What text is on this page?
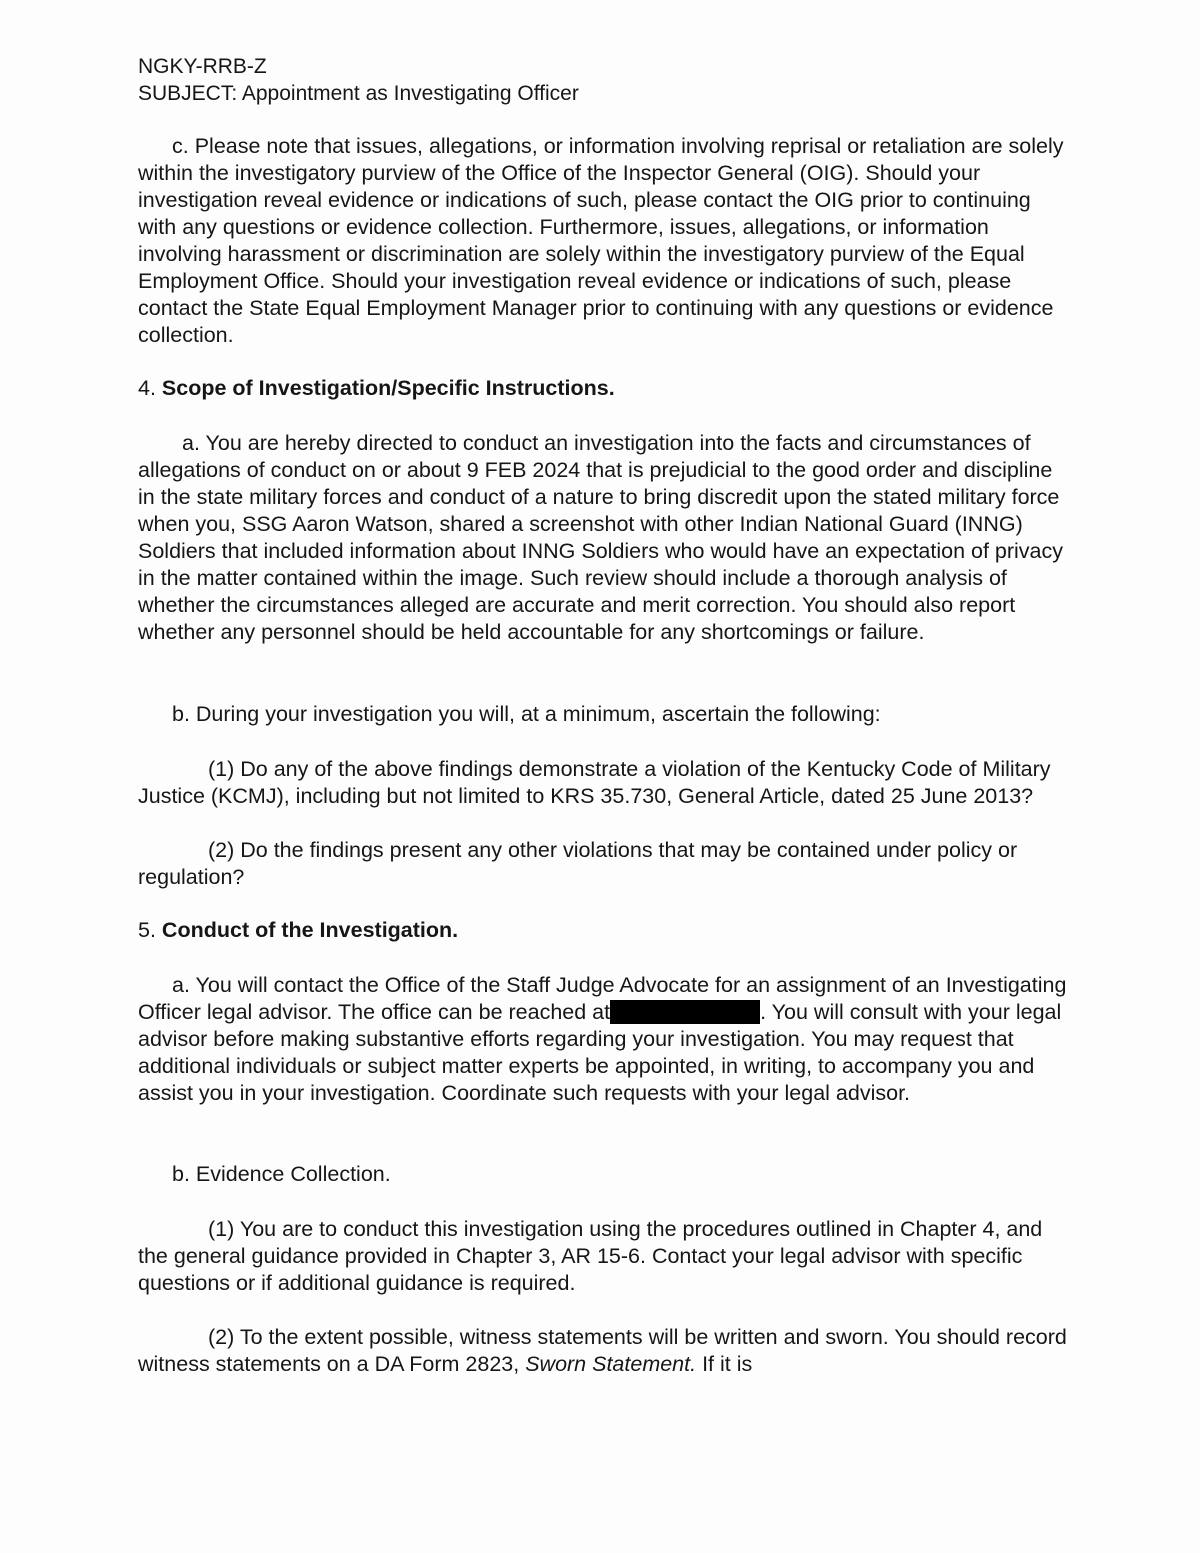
NGKY-RRB-Z
SUBJECT: Appointment as Investigating Officer

c. Please note that issues, allegations, or information involving reprisal or retaliation are solely within the investigatory purview of the Office of the Inspector General (OIG). Should your investigation reveal evidence or indications of such, please contact the OIG prior to continuing with any questions or evidence collection. Furthermore, issues, allegations, or information involving harassment or discrimination are solely within the investigatory purview of the Equal Employment Office. Should your investigation reveal evidence or indications of such, please contact the State Equal Employment Manager prior to continuing with any questions or evidence collection.

4. Scope of Investigation/Specific Instructions.

a. You are hereby directed to conduct an investigation into the facts and circumstances of allegations of conduct on or about 9 FEB 2024 that is prejudicial to the good order and discipline in the state military forces and conduct of a nature to bring discredit upon the stated military force when you, SSG Aaron Watson, shared a screenshot with other Indian National Guard (INNG) Soldiers that included information about INNG Soldiers who would have an expectation of privacy in the matter contained within the image. Such review should include a thorough analysis of whether the circumstances alleged are accurate and merit correction. You should also report whether any personnel should be held accountable for any shortcomings or failure.

b. During your investigation you will, at a minimum, ascertain the following:

(1) Do any of the above findings demonstrate a violation of the Kentucky Code of Military Justice (KCMJ), including but not limited to KRS 35.730, General Article, dated 25 June 2013?

(2) Do the findings present any other violations that may be contained under policy or regulation?

5. Conduct of the Investigation.

a. You will contact the Office of the Staff Judge Advocate for an assignment of an Investigating Officer legal advisor. The office can be reached at	. You will consult with your legal advisor before making substantive efforts regarding your investigation. You may request that additional individuals or subject matter experts be appointed, in writing, to accompany you and assist you in your investigation. Coordinate such requests with your legal advisor.

b. Evidence Collection.

(1) You are to conduct this investigation using the procedures outlined in Chapter 4, and the general guidance provided in Chapter 3, AR 15-6. Contact your legal advisor with specific questions or if additional guidance is required.

(2) To the extent possible, witness statements will be written and sworn. You should record witness statements on a DA Form 2823, Sworn Statement. If it is
